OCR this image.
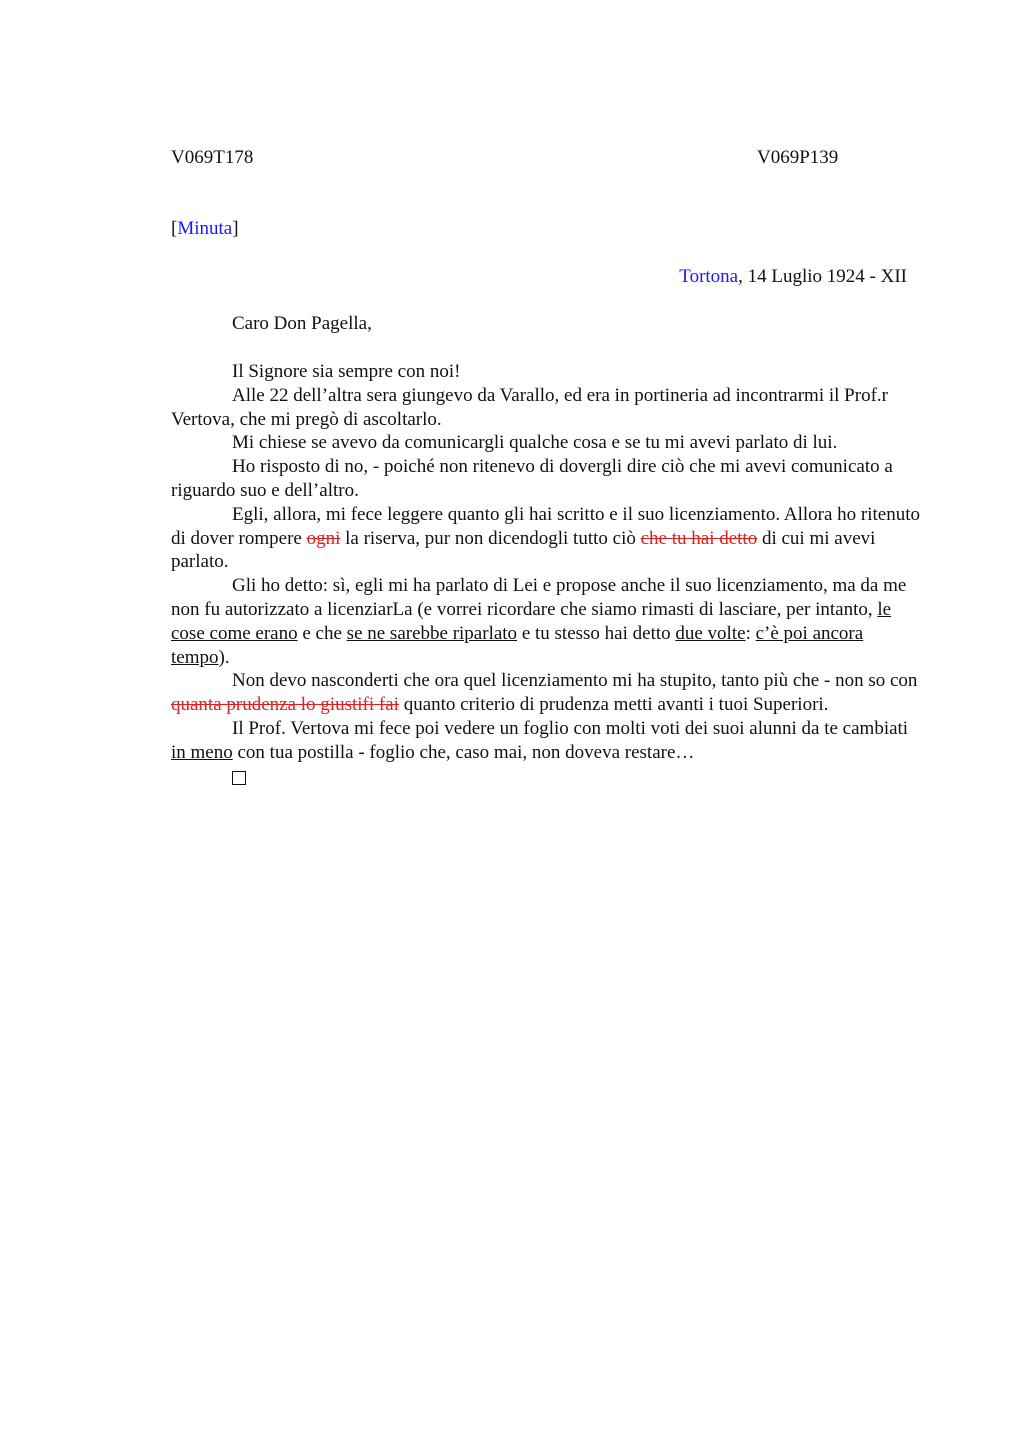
V069T178	V069P139
[Minuta]
Tortona, 14 Luglio 1924 - XII
Caro Don Pagella,

Il Signore sia sempre con noi!

Alle 22 dell’altra sera giungevo da Varallo, ed era in portineria ad incontrarmi il Prof.r Vertova, che mi pregò di ascoltarlo.

Mi chiese se avevo da comunicargli qualche cosa e se tu mi avevi parlato di lui.

Ho risposto di no, - poiché non ritenevo di dovergli dire ciò che mi avevi comunicato a riguardo suo e dell’altro.

Egli, allora, mi fece leggere quanto gli hai scritto e il suo licenziamento. Allora ho ritenuto di dover rompere ogni la riserva, pur non dicendogli tutto ciò che tu hai detto di cui mi avevi parlato.

Gli ho detto: sì, egli mi ha parlato di Lei e propose anche il suo licenziamento, ma da me non fu autorizzato a licenziarLa (e vorrei ricordare che siamo rimasti di lasciare, per intanto, le cose come erano e che se ne sarebbe riparlato e tu stesso hai detto due volte: c’è poi ancora tempo).

Non devo nasconderti che ora quel licenziamento mi ha stupito, tanto più che - non so con quanta prudenza lo giustifi fai quanto criterio di prudenza metti avanti i tuoi Superiori.

Il Prof. Vertova mi fece poi vedere un foglio con molti voti dei suoi alunni da te cambiati in meno con tua postilla - foglio che, caso mai, non doveva restare…
